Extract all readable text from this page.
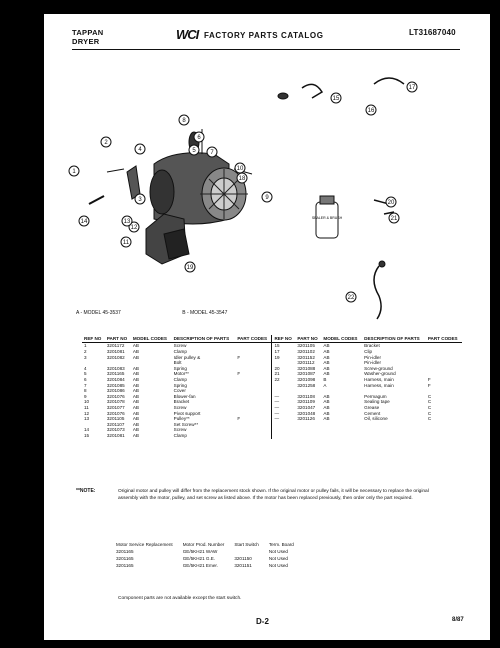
TAPPAN
DRYER	WCI FACTORY PARTS CATALOG	LT31687040
SEALER & BRUSH
1
2
3
4	5
6
7
8
9
10
11
12
13
14
15
16
17
18
19
20
21
22
A - MODEL 45-3537	B - MODEL 45-3547
REF NO	PART NO	MODEL CODES	DESCRIPTION OF PARTS	PART CODES	REF NO	PART NO	MODEL CODES	DESCRIPTION OF PARTS	PART CODES
1	3201172	AB	Screw		15	3201105	AB	Bracket	
2	3201081	AB	Clamp		17	3201102	AB	Clip	
3	3201082	AB	Idler pulley &	F	19	3201152	AB	Pin-idler	
			Bolt			3201112	AB	Pin-idler	
4	3201083	AB	Spring		20	3201088	AB	Screw-ground	
5	3201165	AB	Motor**	F	21	3201087	AB	Washer-ground	
6	3201084	AB	Clamp		22	3201098	B	Harness, main	F
7	3201085	AB	Spring			3201258	A	Harness, main	F
8	3201086	AB	Cover						
9	3201076	AB	Blower-fan		—	3201108	AB	Permagum	C
10	3201078	AB	Bracket		—	3201109	AB	Sealing tape	C
11	3201077	AB	Screw		—	3201047	AB	Grease	C
12	3201076	AB	Pivot support		—	3201048	AB	Cement	C
13	3201105	AB	Pulley**	F	—	3201126	AB	Oil, silicone	C
	3201107	AB	Set Screw**						
14	3201073	AB	Screw						
15	3201081	AB	Clamp						
**NOTE:	Original motor and pulley will differ from the replacement stock shown. If the original motor or pulley fails, it will be necessary to replace the original assembly with the motor, pulley, and set screw as listed above. If the motor has been replaced previously, then order only the part required.
Motor Service Replacement	Motor Prod. Number	Start Switch	Term. Board
3201165	GE/5KH21 WAW		Not Used
3201165	GE/5KH21 G.E.	3201150	Not Used
3201165	GE/5KH21 Emer.	3201151	Not Used
Component parts are not available except the start switch.
D-2	8/87
